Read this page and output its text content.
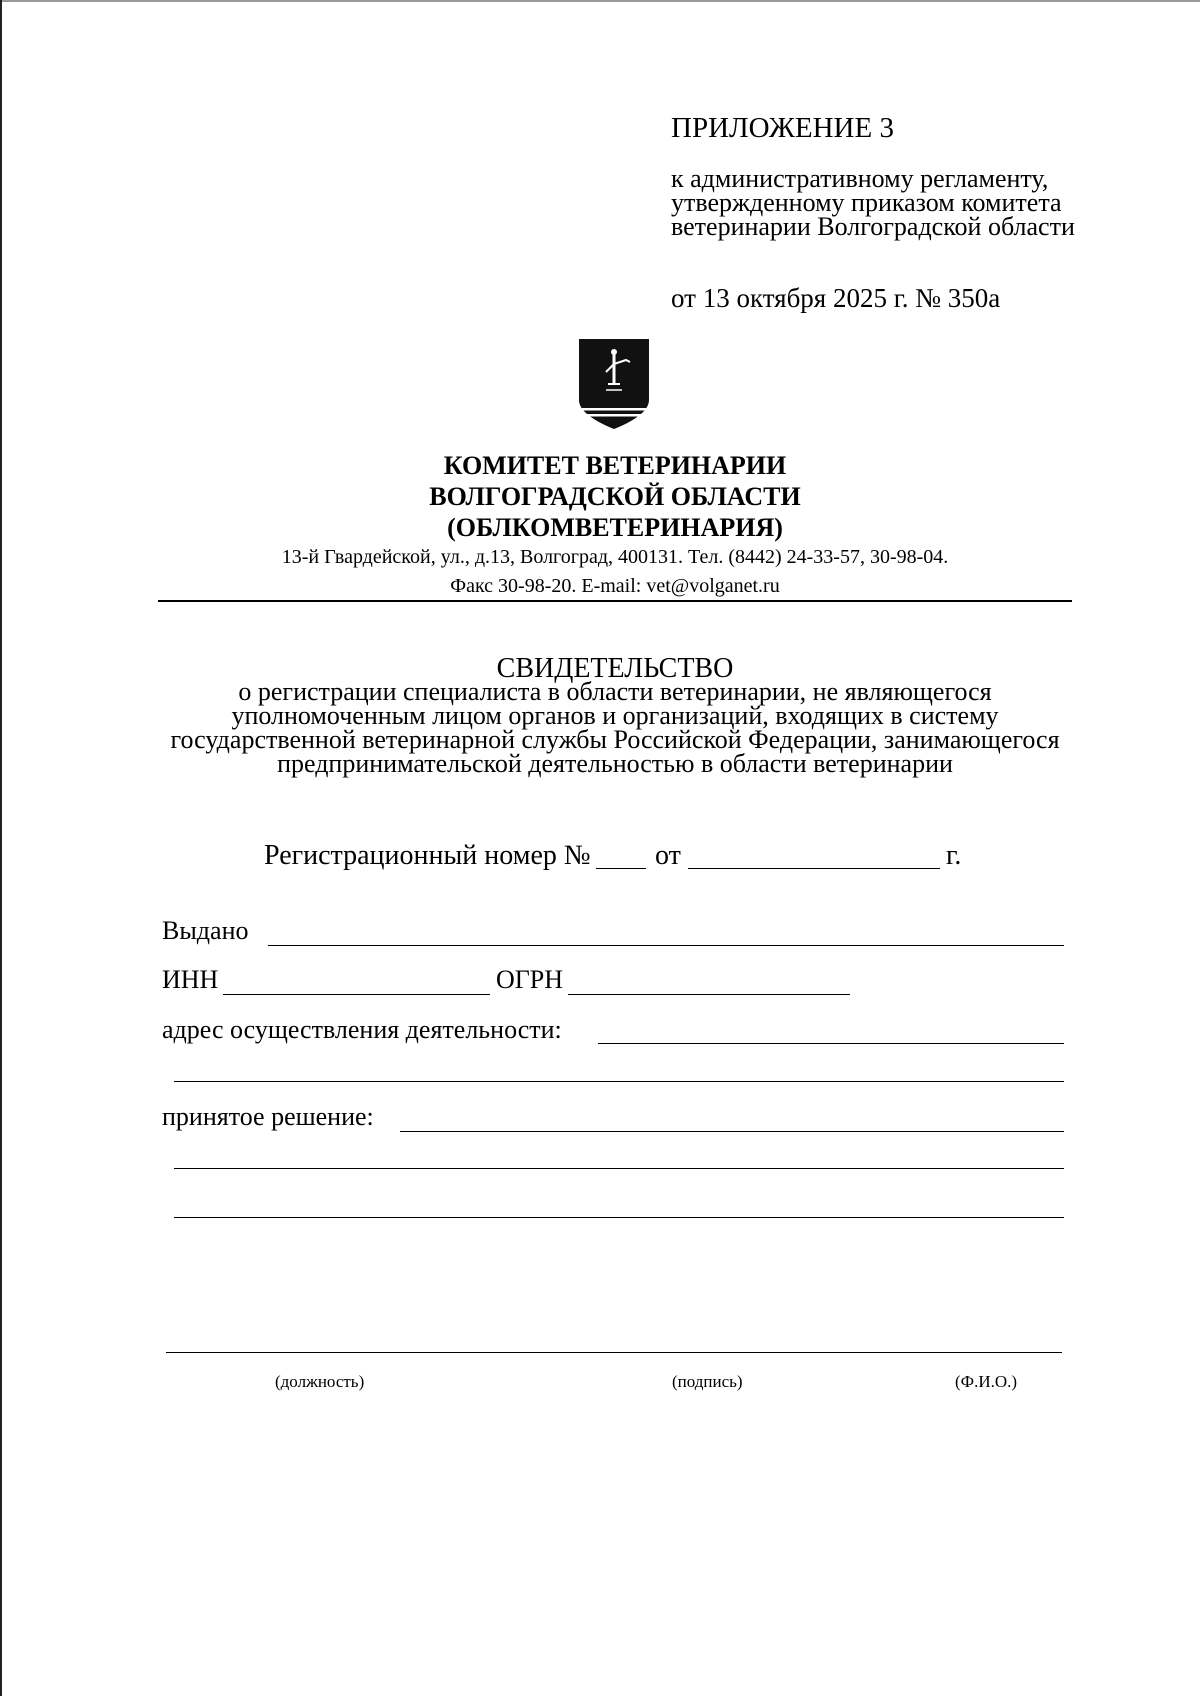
ПРИЛОЖЕНИЕ 3
к административному регламенту, утвержденному приказом комитета ветеринарии Волгоградской области
от 13 октября 2025 г. № 350а
КОМИТЕТ ВЕТЕРИНАРИИ
ВОЛГОГРАДСКОЙ ОБЛАСТИ
(ОБЛКОМВЕТЕРИНАРИЯ)
13-й Гвардейской, ул., д.13, Волгоград, 400131. Тел. (8442) 24-33-57, 30-98-04.
Факс 30-98-20. E-mail: vet@volganet.ru
СВИДЕТЕЛЬСТВО
о регистрации специалиста в области ветеринарии, не являющегося уполномоченным лицом органов и организаций, входящих в систему государственной ветеринарной службы Российской Федерации, занимающегося предпринимательской деятельностью в области ветеринарии
Регистрационный номер № от	г.
Выдано
ИНН	ОГРН
адрес осуществления деятельности:
принятое решение:
(должность)	(подпись)	(Ф.И.О.)
